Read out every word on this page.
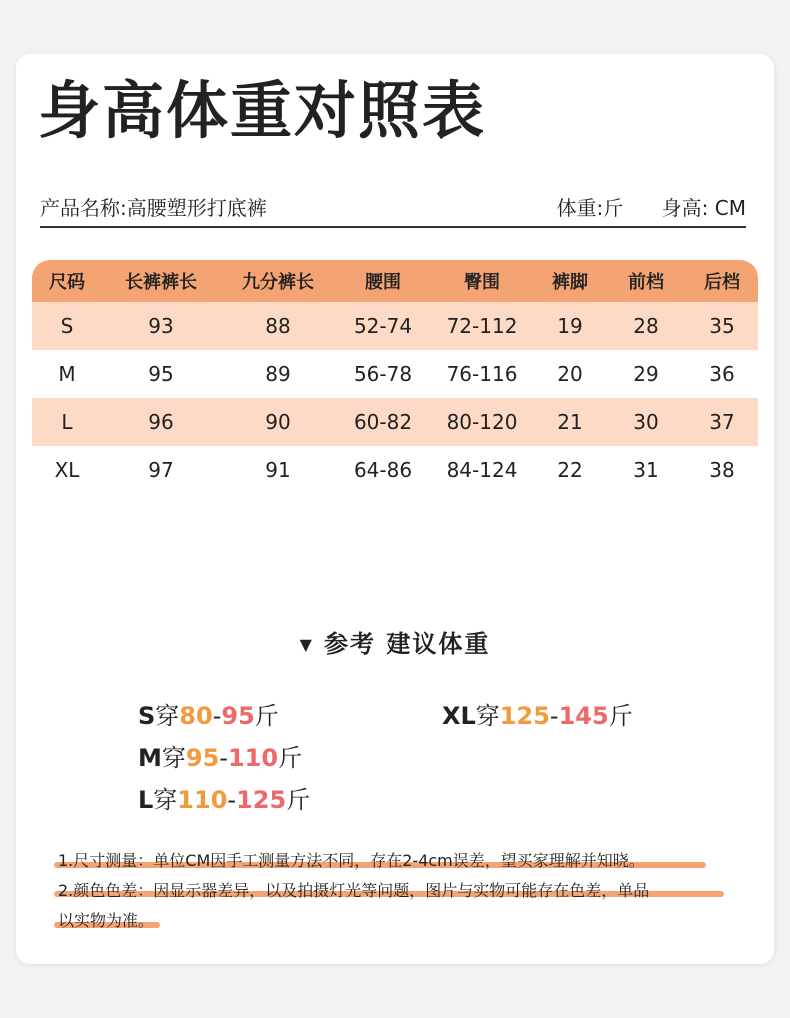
身高体重对照表
产品名称:高腰塑形打底裤	体重:斤 身高: CM
尺码	长裤裤长	九分裤长	腰围	臀围	裤脚	前档	后档
S	93	88	52-74	72-112	19	28	35
M	95	89	56-78	76-116	20	29	36
L	96	90	60-82	80-120	21	30	37
XL	97	91	64-86	84-124	22	31	38
▼ 参考 建议体重
S穿80-95斤	XL穿125-145斤
M穿95-110斤
L穿110-125斤
1.尺寸测量：单位CM因手工测量方法不同，存在2-4cm误差，望买家理解并知晓。
2.颜色色差：因显示器差异，以及拍摄灯光等问题，图片与实物可能存在色差，单品
以实物为准。
